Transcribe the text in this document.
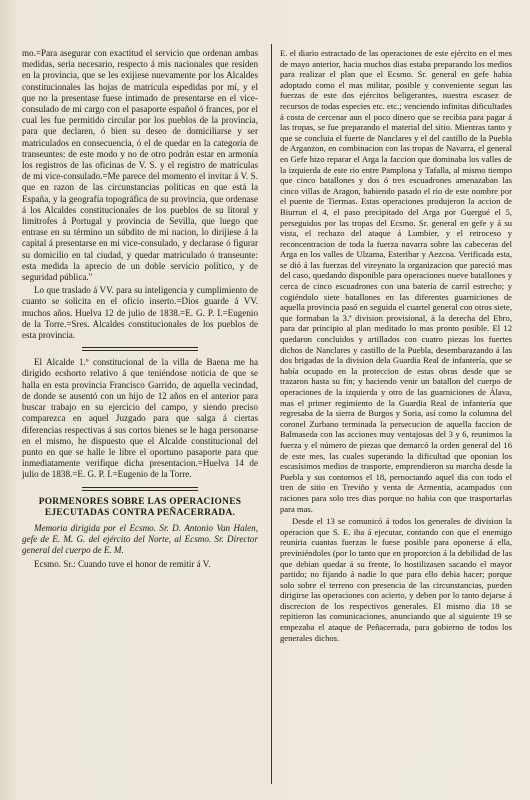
mo.=Para asegurar con exactitud el servicio que ordenan ambas medidas, seria necesario, respecto á mis nacionales que residen en la provincia, que se les exijiese nuevamente por los Alcaldes constitucionales las hojas de matrícula espedidas por mí, y el que no la presentase fuese intimado de presentarse en el vice-consulado de mi cargo con el pasaporte español ó frances, por el cual les fue permitido circular por los pueblos de la provincia, para que declaren, ó bien su deseo de domiciliarse y ser matriculados en consecuencia, ó el de quedar en la categoría de transeuntes: de este modo y no de otro podrán estar en armonía los registros de las oficinas de V. S. y el registro de matrículas de mi vice-consulado.=Me parece del momento el invitar á V. S. que en razon de las circunstancias políticas en que está la España, y la geografía topográfica de su provincia, que ordenase á los Alcaldes constitucionales de los pueblos de su litoral y limítrofes á Portugal y provincia de Sevilla, que luego que entrase en su término un súbdito de mi nacion, lo dirijiese á la capital á presentarse en mi vice-consulado, y declarase ó figurar su domicilio en tal ciudad, y quedar matriculado ó transeunte: esta medida la aprecio de un doble servicio político, y de seguridad pública."

Lo que traslado á VV. para su inteligencia y cumplimiento de cuanto se solicita en el oficio inserto.=Dios guarde á VV. muchos años. Huelva 12 de julio de 1838.=E. G. P. I.=Eugenio de la Torre.=Sres. Alcaldes constitucionales de los pueblos de esta provincia.

El Alcalde 1.º constitucional de la villa de Baena me ha dirigido ecshorto relativo á que teniéndose noticia de que se halla en esta provincia Francisco Garrido, de aquella vecindad, de donde se ausentó con un hijo de 12 años en el anterior para buscar trabajo en su ejercicio del campo, y siendo preciso comparezca en aquel Juzgado para que salga á ciertas diferencias respectivas á sus cortos bienes se le haga personarse en el mismo, he dispuesto que el Alcalde constitucional del punto en que se halle le libre el oportuno pasaporte para que inmediatamente verifique dicha presentacion.=Huelva 14 de julio de 1838.=E. G. P. I.=Eugenio de la Torre.

PORMENORES SOBRE LAS OPERACIONES EJECUTADAS CONTRA PEÑACERRADA.

Memoria dirigida por el Ecsmo. Sr. D. Antonio Van Halen, gefe de E. M. G. del ejército del Norte, al Ecsmo. Sr. Director general del cuerpo de E. M.

Ecsmo. Sr.: Cuando tuve el honor de remitir á V.

E. el diario estractado de las operaciones de este ejército en el mes de mayo anterior, hacia muchos dias estaba preparando los medios para realizar el plan que el Ecsmo. Sr. general en gefe habia adoptado como el mas militar, posible y conveniente segun las fuerzas de este dos ejércitos beligerantes, nuestra escasez de recursos de todas especies etc. etc.; venciendo infinitas dificultades á costa de cercenar aun el poco dinero que se recibia para pagar á las tropas, se fue preparando el material del sitio. Mientras tanto y que se concluia el fuerte de Nanclares y el del castillo de la Puebla de Arganzon, en combinacion con las tropas de Navarra, el general en Gefe hizo reparar el Arga la faccion que dominaba los valles de la izquierda de este rio entre Pamplona y Tafalla, al mismo tiempo que cinco batallones y dos ó tres escuadrones amenazaban las cinco villas de Aragon, habiendo pasado el rio de este nombre por el puente de Tiermas. Estas operaciones produjeron la accion de Biurrun el 4, el paso precipitado del Arga por Guergué el 5, perseguidos por las tropas del Ecsmo. Sr. general en gefe y á su vista, el rechazo del ataque á Lumbier, y el retroceso y reconcentracion de toda la fuerza navarra sobre las cabeceras del Arga en los valles de Ulzama, Esteribar y Aezcoa. Verificada esta, se dió á las fuerzas del vireynato la organizacion que pareció mas del caso, quedando disponible para operaciones nueve batallones y cerca de cinco escuadrones con una batería de carril estrecho; y cogiéndolo siete batallones en las diferentes guarniciones de aquella provincia pasó en seguida el cuartel general con otros siete, que formaban la 3.ª division provisional, á la derecha del Ebro, para dar principio al plan meditado lo mas pronto posible. El 12 quedaron concluidos y artillados con cuatro piezas los fuertes dichos de Nanclares y castillo de la Puebla, desembarazando á las dos brigadas de la division dela Guardia Real de infantería, que se había ocupado en la proteccion de estas obras desde que se trazaron hasta su fin; y haciendo venir un batallon del cuerpo de operaciones de la izquierda y otro de las guarniciones de Álava, mas el primer regimiento de la Guardia Real de infantería que regresaba de la sierra de Burgos y Soria, así como la columna del coronel Zurbano terminada la persecucion de aquella faccion de Balmaseda con las acciones muy ventajosas del 3 y 6, reunimos la fuerza y el número de piezas que demarcó la orden general del 16 de este mes, las cuales superando la dificultad que oponian los escasísimos medios de trasporte, emprendieron su marcha desde la Puebla y sus contornos el 18, pernoctando aquel dia con todo el tren de sitio en Treviño y venta de Armentia, acampados con raciones para solo tres dias porque no habia con que trasportarlas para mas.

Desde el 13 se comunicó á todos los generales de division la operacion que S. E. iba á ejecutar, contando con que el enemigo reuniria cuantas fuerzas le fuese posible para oponerse á ella, previniéndoles (por lo tanto que en proporcion á la debilidad de las que debian quedar á su frente, lo hostilizasen sacando el mayor partido; no fijando á nadie lo que para ello debia hacer; porque solo sobre el terreno con presencia de las circunstancias, pueden dirigirse las operaciones con acierto, y deben por lo tanto dejarse á discrecion de los respectivos generales. El mismo dia 18 se repitieron las comunicaciones, anunciando que al siguiente 19 se empezaba el ataque de Peñacerrada, para gobierno de todos los generales dichos.
